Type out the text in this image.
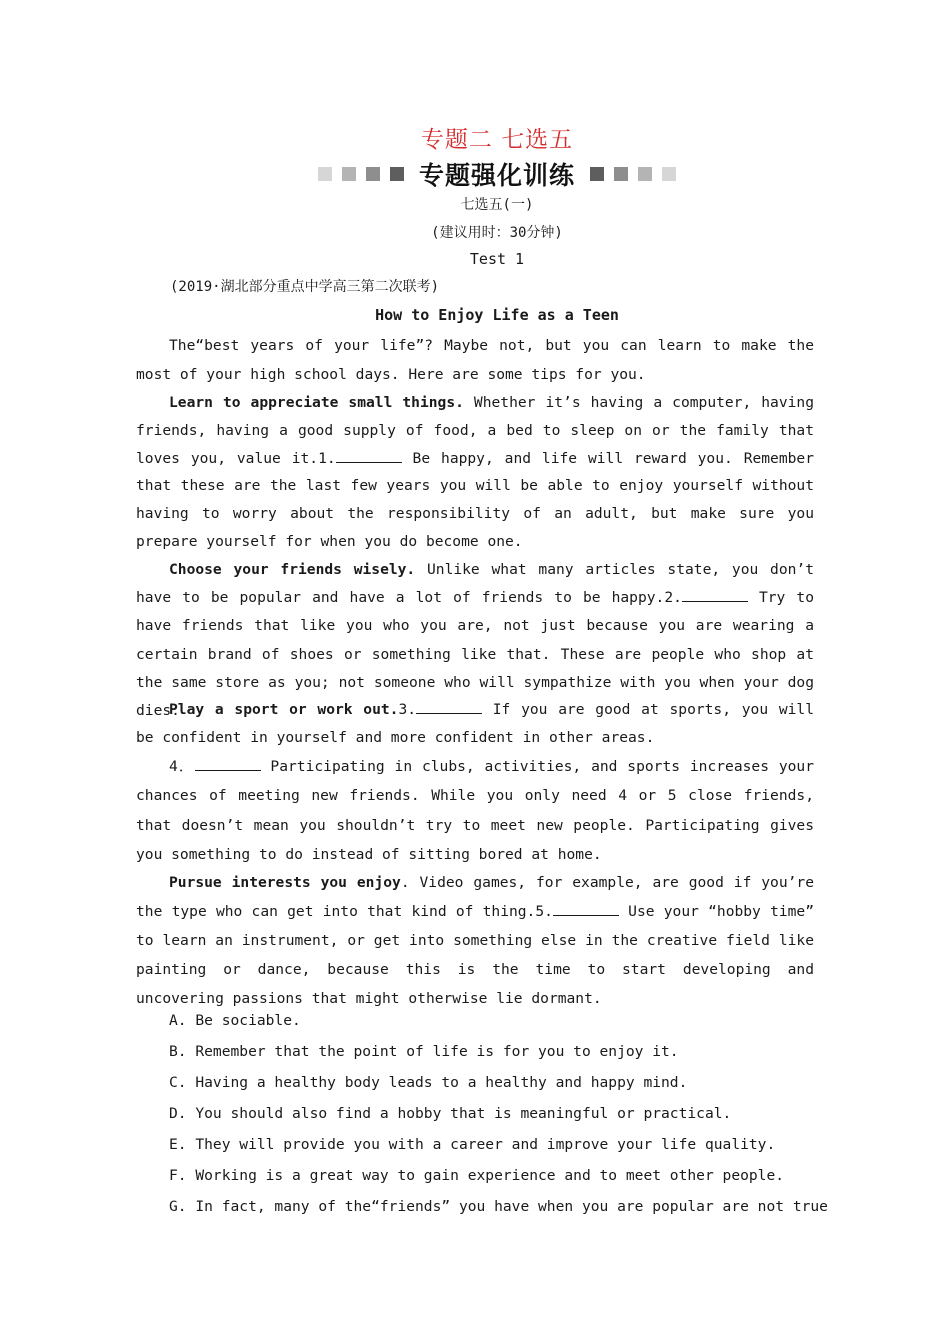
专题二 七选五
专题强化训练
七选五(一)
(建议用时：30分钟)
Test 1
(2019·湖北部分重点中学高三第二次联考)
How to Enjoy Life as a Teen

The“best years of your life”? Maybe not, but you can learn to make the most of your high school days. Here are some tips for you.

Learn to appreciate small things. Whether it’s having a computer, having friends, having a good supply of food, a bed to sleep on or the family that loves you, value it.1.	Be happy, and life will reward you. Remember that these are the last few years you will be able to enjoy yourself without having to worry about the responsibility of an adult, but make sure you prepare yourself for when you do become one.

Choose your friends wisely. Unlike what many articles state, you don’t have to be popular and have a lot of friends to be happy.2.	Try to have friends that like you who you are, not just because you are wearing a certain brand of shoes or something like that. These are people who shop at the same store as you; not someone who will sympathize with you when your dog dies.

Play a sport or work out.3.	If you are good at sports, you will be confident in yourself and more confident in other areas.

4．	Participating in clubs, activities, and sports increases your chances of meeting new friends. While you only need 4 or 5 close friends, that doesn’t mean you shouldn’t try to meet new people. Participating gives you something to do instead of sitting bored at home.

Pursue interests you enjoy. Video games, for example, are good if you’re the type who can get into that kind of thing.5.	Use your “hobby time” to learn an instrument, or get into something else in the creative field like painting or dance, because this is the time to start developing and uncovering passions that might otherwise lie dormant.

A. Be sociable.
B. Remember that the point of life is for you to enjoy it.
C. Having a healthy body leads to a healthy and happy mind.
D. You should also find a hobby that is meaningful or practical.
E. They will provide you with a career and improve your life quality.
F. Working is a great way to gain experience and to meet other people.
G. In fact, many of the“friends” you have when you are popular are not true
